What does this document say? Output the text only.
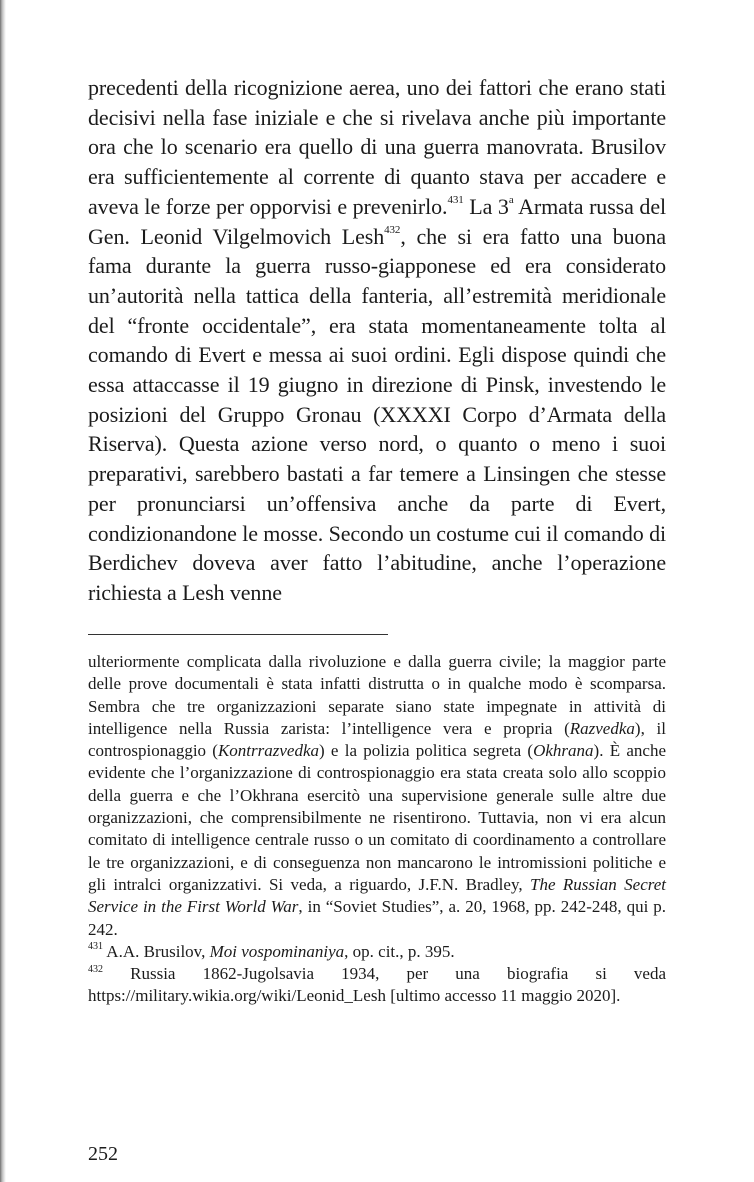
precedenti della ricognizione aerea, uno dei fattori che erano stati decisivi nella fase iniziale e che si rivelava anche più importante ora che lo scenario era quello di una guerra manovrata. Brusilov era sufficientemente al corrente di quanto stava per accadere e aveva le forze per opporvisi e prevenirlo.$^{431}$ La 3$^a$ Armata russa del Gen. Leonid Vilgelmovich Lesh$^{432}$, che si era fatto una buona fama durante la guerra russo-giapponese ed era considerato un’autorità nella tattica della fanteria, all’estremità meridionale del “fronte occidentale”, era stata momentaneamente tolta al comando di Evert e messa ai suoi ordini. Egli dispose quindi che essa attaccasse il 19 giugno in direzione di Pinsk, investendo le posizioni del Gruppo Gronau (XXXXI Corpo d’Armata della Riserva). Questa azione verso nord, o quanto o meno i suoi preparativi, sarebbero bastati a far temere a Linsingen che stesse per pronunciarsi un’offensiva anche da parte di Evert, condizionandone le mosse. Secondo un costume cui il comando di Berdichev doveva aver fatto l’abitudine, anche l’operazione richiesta a Lesh venne

ulteriormente complicata dalla rivoluzione e dalla guerra civile; la maggior parte delle prove documentali è stata infatti distrutta o in qualche modo è scomparsa. Sembra che tre organizzazioni separate siano state impegnate in attività di intelligence nella Russia zarista: l’intelligence vera e propria (Razvedka), il controspionaggio (Kontrrazvedka) e la polizia politica segreta (Okhrana). È anche evidente che l’organizzazione di controspionaggio era stata creata solo allo scoppio della guerra e che l’Okhrana esercitò una supervisione generale sulle altre due organizzazioni, che comprensibilmente ne risentirono. Tuttavia, non vi era alcun comitato di intelligence centrale russo o un comitato di coordinamento a controllare le tre organizzazioni, e di conseguenza non mancarono le intromissioni politiche e gli intralci organizzativi. Si veda, a riguardo, J.F.N. Bradley, The Russian Secret Service in the First World War, in “Soviet Studies”, a. 20, 1968, pp. 242-248, qui p. 242.

$^{431}$ A.A. Brusilov, Moi vospominaniya, op. cit., p. 395.

$^{432}$ Russia 1862-Jugolsavia 1934, per una biografia si veda https://military.wikia.org/wiki/Leonid_Lesh [ultimo accesso 11 maggio 2020].

252
